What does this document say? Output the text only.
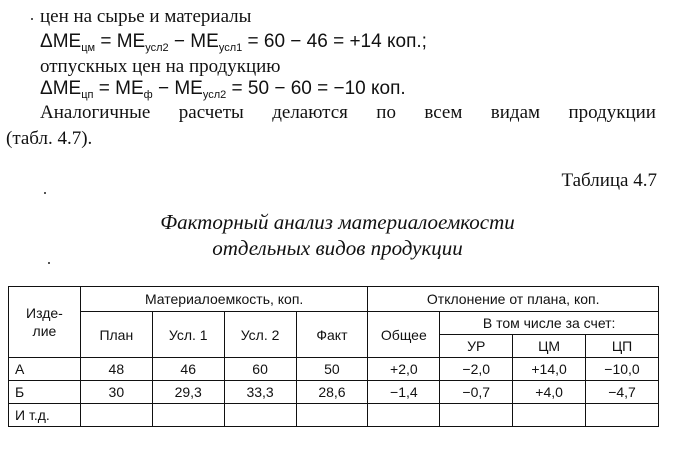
цен на сырье и материалы
$\Delta ME_{цм} = ME_{усл2} - ME_{усл1} = 60 - 46 = +14$ коп.;
отпускных цен на продукцию
$\Delta ME_{цп} = ME_ф - ME_{усл2} = 50 - 60 = -10$ коп.
Аналогичные расчеты делаются по всем видам продукции
(табл. 4.7).
Таблица 4.7
Факторный анализ материалоемкости
отдельных видов продукции
Изде-
лие	Материалоемкость, коп.				Отклонение от плана, коп.			
	План	Усл. 1	Усл. 2	Факт	Общее	В том числе за счет:		
						УР	ЦМ	ЦП
А	48	46	60	50	+2,0	−2,0	+14,0	−10,0
Б	30	29,3	33,3	28,6	−1,4	−0,7	+4,0	−4,7
И т.д.								
